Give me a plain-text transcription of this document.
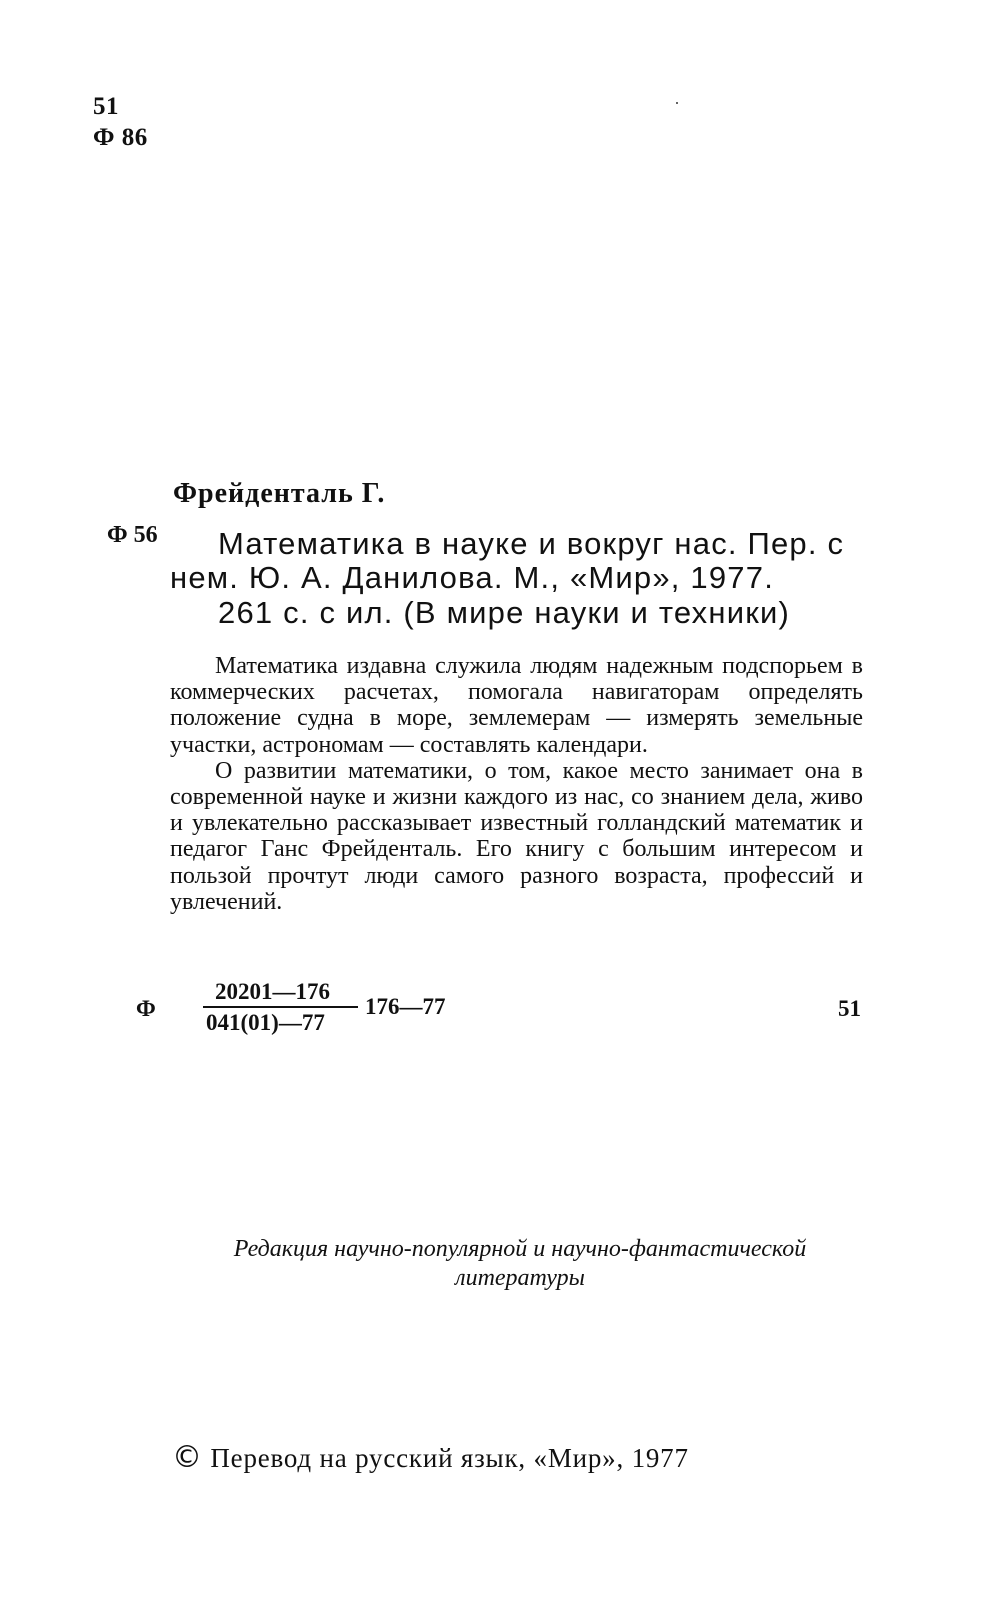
51
Ф 86
Фрейденталь Г.
Ф 56 Математика в науке и вокруг нас. Пер. с
нем. Ю. А. Данилова. М., «Мир», 1977.
261 с. с ил. (В мире науки и техники)

Математика издавна служила людям надежным подспорьем в коммерческих расчетах, помогала навигаторам определять положение судна в море, землемерам — измерять земельные участки, астрономам — составлять календари.

О развитии математики, о том, какое место занимает она в современной науке и жизни каждого из нас, со знанием дела, живо и увлекательно рассказывает известный голландский математик и педагог Ганс Фрейденталь. Его книгу с большим интересом и пользой прочтут люди самого разного возраста, профессий и увлечений.

Ф
20201—176
041(01)—77
176—77	51
Редакция научно-популярной и научно-фантастической
литературы
© Перевод на русский язык, «Мир», 1977
